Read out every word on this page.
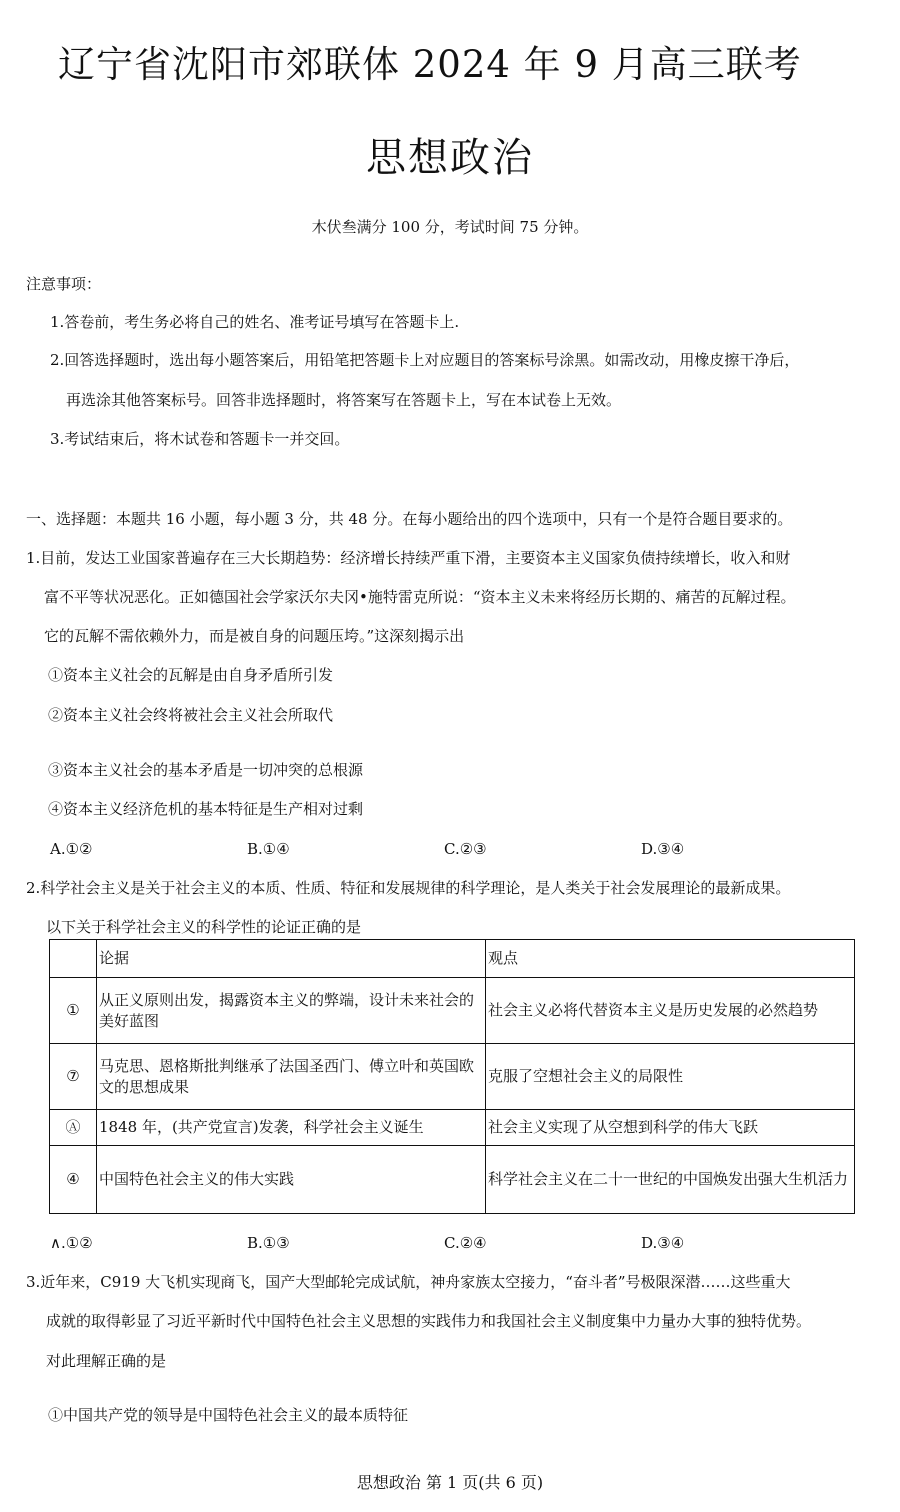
辽宁省沈阳市郊联体 2024 年 9 月高三联考
思想政治
木伏叁满分 100 分，考试时间 75 分钟。
注意事项：
1.答卷前，考生务必将自己的姓名、准考证号填写在答题卡上.
2.回答选择题时，选出每小题答案后，用铅笔把答题卡上对应题目的答案标号涂黑。如需改动，用橡皮擦干净后，
再选涂其他答案标号。回答非选择题时，将答案写在答题卡上，写在本试卷上无效。
3.考试结束后，将木试卷和答题卡一并交回。
一、选择题：本题共 16 小题，每小题 3 分，共 48 分。在每小题给出的四个选项中，只有一个是符合题目要求的。
1.目前，发达工业国家普遍存在三大长期趋势：经济增长持续严重下滑，主要资本主义国家负债持续增长，收入和财
富不平等状况恶化。正如德国社会学家沃尔夫冈•施特雷克所说：“资本主义未来将经历长期的、痛苦的瓦解过程。
它的瓦解不需依赖外力，而是被自身的问题压垮。”这深刻揭示出
①资本主义社会的瓦解是由自身矛盾所引发
②资本主义社会终将被社会主义社会所取代
③资本主义社会的基本矛盾是一切冲突的总根源
④资本主义经济危机的基本特征是生产相对过剩
A.①②	B.①④	C.②③	D.③④
2.科学社会主义是关于社会主义的本质、性质、特征和发展规律的科学理论，是人类关于社会发展理论的最新成果。
以下关于科学社会主义的科学性的论证正确的是
	论据	观点
①	从正义原则出发，揭露资本主义的弊端，设计未来社会的美好蓝图	社会主义必将代替资本主义是历史发展的必然趋势
⑦	马克思、恩格斯批判继承了法国圣西门、傅立叶和英国欧文的思想成果	克服了空想社会主义的局限性
Ⓐ	1848 年，(共产党宣言)发袭，科学社会主义诞生	社会主义实现了从空想到科学的伟大飞跃
④	中国特色社会主义的伟大实践	科学社会主义在二十一世纪的中国焕发出强大生机活力
∧.①②	B.①③	C.②④	D.③④
3.近年来，C919 大飞机实现商飞，国产大型邮轮完成试航，神舟家族太空接力，“奋斗者”号极限深潜……这些重大
成就的取得彰显了习近平新时代中国特色社会主义思想的实践伟力和我国社会主义制度集中力量办大事的独特优势。
对此理解正确的是
①中国共产党的领导是中国特色社会主义的最本质特征
思想政治 第 1 页(共 6 页)
